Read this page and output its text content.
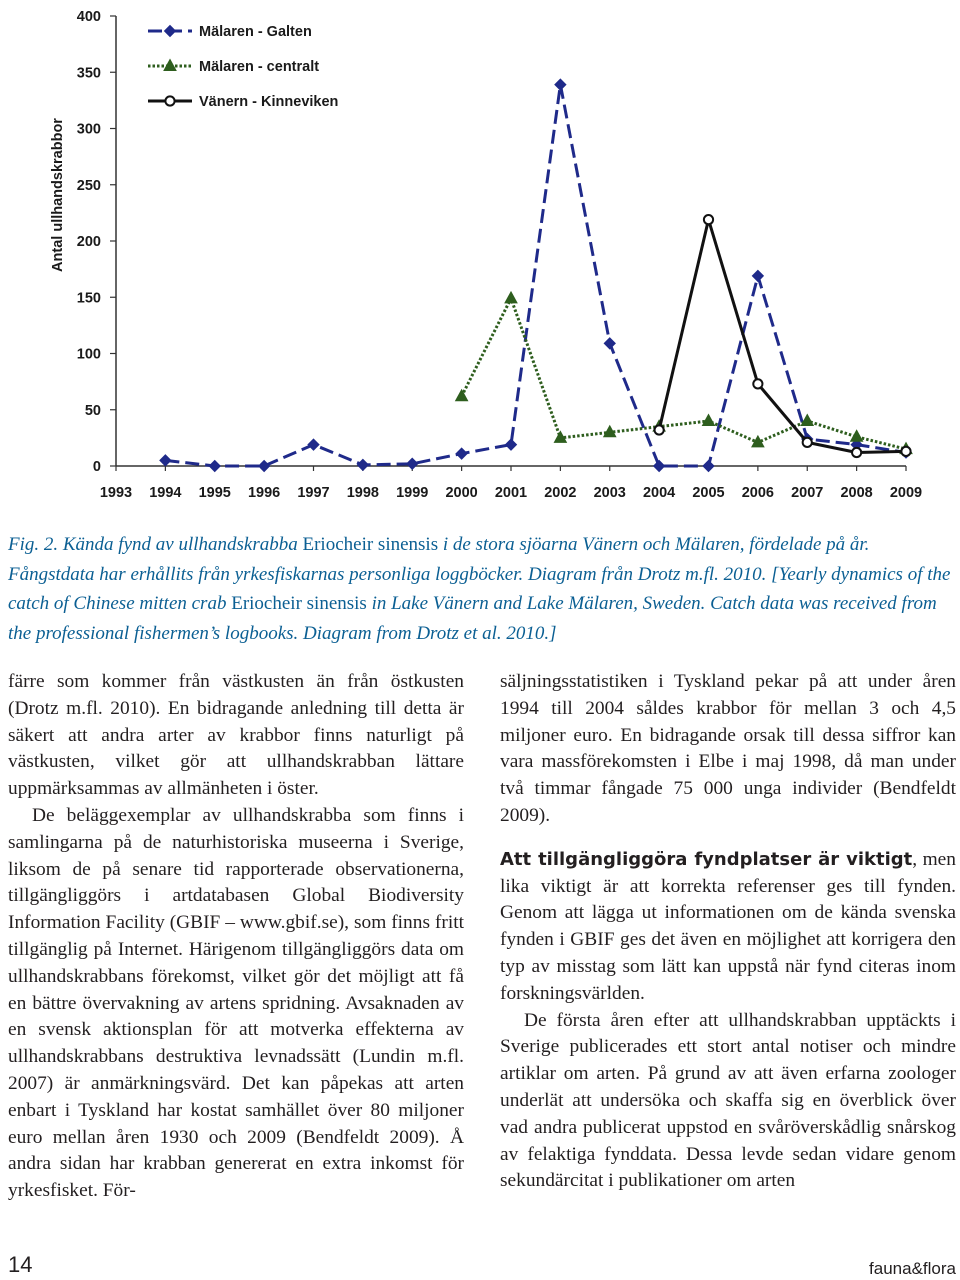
Antal ullhandskrabbor
0
50
100
150
200
250
300
350
400
1993 1994 1995 1996 1997 1998 1999 2000 2001 2002 2003 2004 2005 2006 2007 2008 2009
Mälaren - Galten
Mälaren - centralt
Vänern - Kinneviken
Fig. 2. Kända fynd av ullhandskrabba Eriocheir sinensis i de stora sjöarna Vänern och Mälaren, fördelade på år. Fångstdata har erhållits från yrkesfiskarnas personliga loggböcker. Diagram från Drotz m.fl. 2010. [Yearly dynamics of the catch of Chinese mitten crab Eriocheir sinensis in Lake Vänern and Lake Mälaren, Sweden. Catch data was received from the professional fishermen’s logbooks. Diagram from Drotz et al. 2010.]

färre som kommer från västkusten än från östkusten (Drotz m.fl. 2010). En bidragande anledning till detta är säkert att andra arter av krabbor finns naturligt på västkusten, vilket gör att ullhandskrabban lättare uppmärksammas av allmänheten i öster.

De beläggexemplar av ullhandskrabba som finns i samlingarna på de naturhistoriska museerna i Sverige, liksom de på senare tid rapporterade observationerna, tillgängliggörs i artdatabasen Global Biodiversity Information Facility (GBIF – www.gbif.se), som finns fritt tillgänglig på Internet. Härigenom tillgängliggörs data om ullhandskrabbans förekomst, vilket gör det möjligt att få en bättre övervakning av artens spridning. Avsaknaden av en svensk aktionsplan för att motverka effekterna av ullhandskrabbans destruktiva levnadssätt (Lundin m.fl. 2007) är anmärkningsvärd. Det kan påpekas att arten enbart i Tyskland har kostat samhället över 80 miljoner euro mellan åren 1930 och 2009 (Bendfeldt 2009). Å andra sidan har krabban genererat en extra inkomst för yrkesfisket. För-

säljningsstatistiken i Tyskland pekar på att under åren 1994 till 2004 såldes krabbor för mellan 3 och 4,5 miljoner euro. En bidragande orsak till dessa siffror kan vara massförekomsten i Elbe i maj 1998, då man under två timmar fångade 75 000 unga individer (Bendfeldt 2009).

Att tillgängliggöra fyndplatser är viktigt, men lika viktigt är att korrekta referenser ges till fynden. Genom att lägga ut informationen om de kända svenska fynden i GBIF ges det även en möjlighet att korrigera den typ av misstag som lätt kan uppstå när fynd citeras inom forskningsvärlden.

De första åren efter att ullhandskrabban upptäckts i Sverige publicerades ett stort antal notiser och mindre artiklar om arten. På grund av att även erfarna zoologer underlät att undersöka och skaffa sig en överblick över vad andra publicerat uppstod en svåröverskådlig snårskog av felaktiga fynddata. Dessa levde sedan vidare genom sekundärcitat i publikationer om arten

14	fauna&flora
